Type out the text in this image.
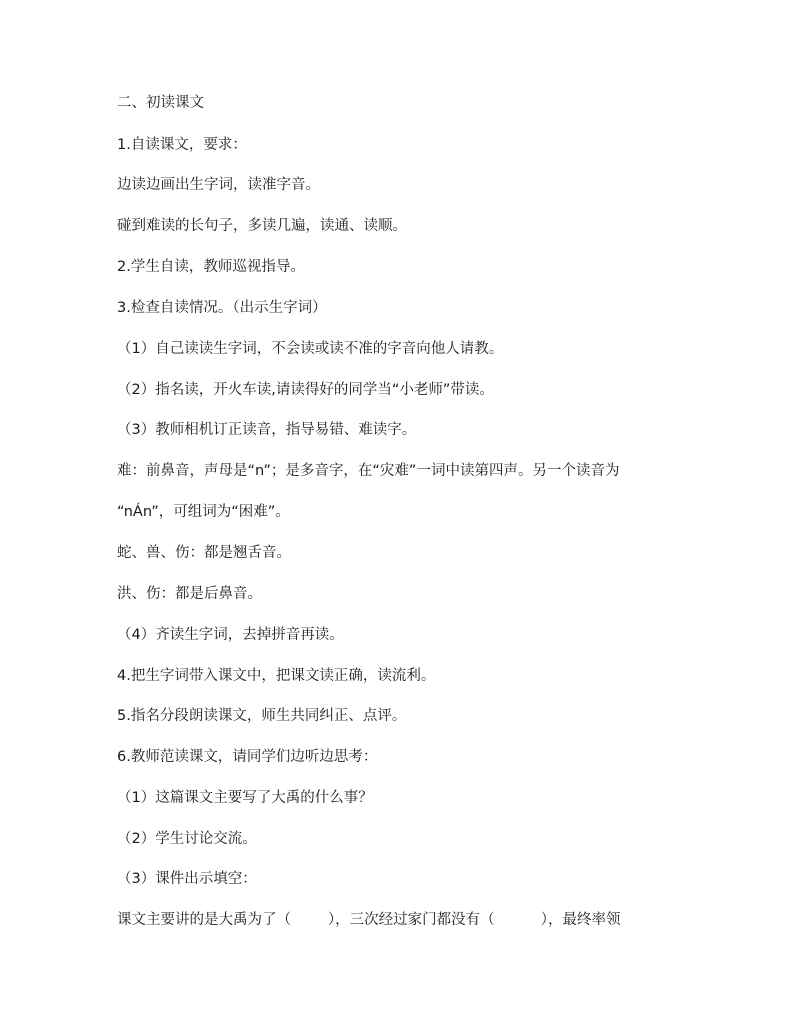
二、初读课文
1.自读课文，要求：
边读边画出生字词，读准字音。
碰到难读的长句子，多读几遍，读通、读顺。
2.学生自读，教师巡视指导。
3.检查自读情况。（出示生字词）
（1）自己读读生字词，不会读或读不准的字音向他人请教。
（2）指名读，开火车读,请读得好的同学当“小老师”带读。
（3）教师相机订正读音，指导易错、难读字。
难：前鼻音，声母是“n”；是多音字，在“灾难”一词中读第四声。另一个读音为
“nÁn”，可组词为“困难”。
蛇、兽、伤：都是翘舌音。
洪、伤：都是后鼻音。
（4）齐读生字词，去掉拼音再读。
4.把生字词带入课文中，把课文读正确，读流利。
5.指名分段朗读课文，师生共同纠正、点评。
6.教师范读课文，请同学们边听边思考：
（1）这篇课文主要写了大禹的什么事？
（2）学生讨论交流。
（3）课件出示填空：
课文主要讲的是大禹为了（        ），三次经过家门都没有（          ），最终率领
